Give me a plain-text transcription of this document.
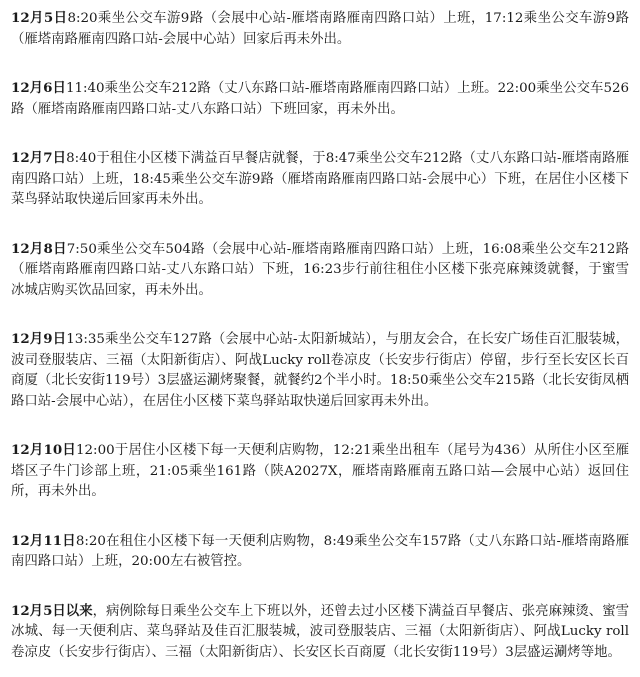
12月5日8:20乘坐公交车游9路（会展中心站-雁塔南路雁南四路口站）上班，17:12乘坐公交车游9路（雁塔南路雁南四路口站-会展中心站）回家后再未外出。

12月6日11:40乘坐公交车212路（丈八东路口站-雁塔南路雁南四路口站）上班。22:00乘坐公交车526路（雁塔南路雁南四路口站-丈八东路口站）下班回家，再未外出。

12月7日8:40于租住小区楼下满益百早餐店就餐，于8:47乘坐公交车212路（丈八东路口站-雁塔南路雁南四路口站）上班，18:45乘坐公交车游9路（雁塔南路雁南四路口站-会展中心）下班，在居住小区楼下菜鸟驿站取快递后回家再未外出。

12月8日7:50乘坐公交车504路（会展中心站-雁塔南路雁南四路口站）上班，16:08乘坐公交车212路（雁塔南路雁南四路口站-丈八东路口站）下班，16:23步行前往租住小区楼下张亮麻辣烫就餐，于蜜雪冰城店购买饮品回家，再未外出。

12月9日13:35乘坐公交车127路（会展中心站-太阳新城站），与朋友会合，在长安广场佳百汇服装城，波司登服装店、三福（太阳新街店）、阿战Lucky roll卷凉皮（长安步行街店）停留，步行至长安区长百商厦（北长安街119号）3层盛运涮烤聚餐，就餐约2个半小时。18:50乘坐公交车215路（北长安街凤栖路口站-会展中心站），在居住小区楼下菜鸟驿站取快递后回家再未外出。

12月10日12:00于居住小区楼下每一天便利店购物，12:21乘坐出租车（尾号为436）从所住小区至雁塔区子牛门诊部上班，21:05乘坐161路（陕A2027X，雁塔南路雁南五路口站—会展中心站）返回住所，再未外出。

12月11日8:20在租住小区楼下每一天便利店购物，8:49乘坐公交车157路（丈八东路口站-雁塔南路雁南四路口站）上班，20:00左右被管控。

12月5日以来，病例除每日乘坐公交车上下班以外，还曾去过小区楼下满益百早餐店、张亮麻辣烫、蜜雪冰城、每一天便利店、菜鸟驿站及佳百汇服装城，波司登服装店、三福（太阳新街店）、阿战Lucky roll卷凉皮（长安步行街店）、三福（太阳新街店）、长安区长百商厦（北长安街119号）3层盛运涮烤等地。
